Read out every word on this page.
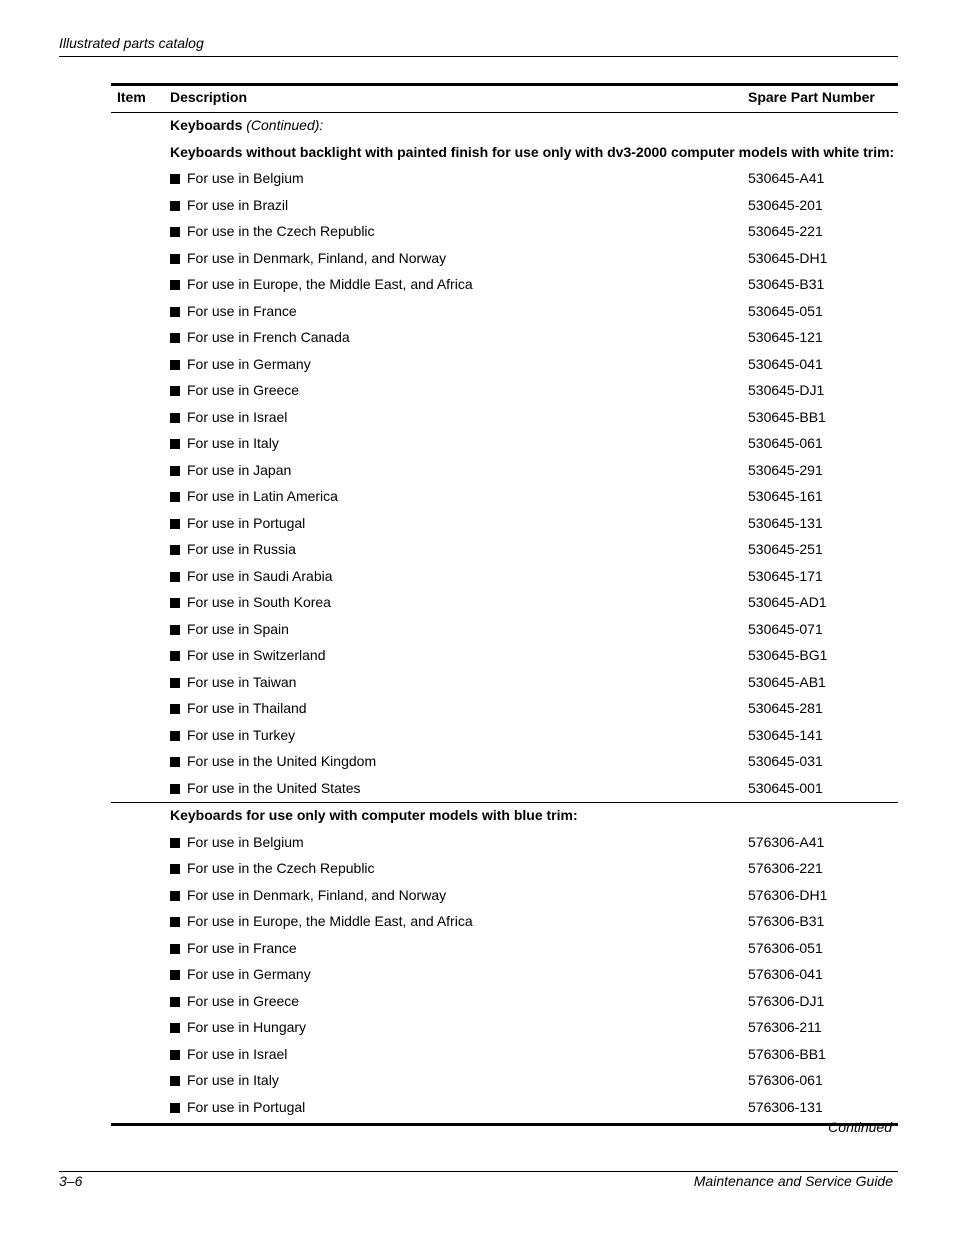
Illustrated parts catalog
Item Description	Spare Part Number
Keyboards (Continued):
Keyboards without backlight with painted finish for use only with dv3-2000 computer models with white trim:
For use in Belgium	530645-A41
For use in Brazil	530645-201
For use in the Czech Republic	530645-221
For use in Denmark, Finland, and Norway	530645-DH1
For use in Europe, the Middle East, and Africa	530645-B31
For use in France	530645-051
For use in French Canada	530645-121
For use in Germany	530645-041
For use in Greece	530645-DJ1
For use in Israel	530645-BB1
For use in Italy	530645-061
For use in Japan	530645-291
For use in Latin America	530645-161
For use in Portugal	530645-131
For use in Russia	530645-251
For use in Saudi Arabia	530645-171
For use in South Korea	530645-AD1
For use in Spain	530645-071
For use in Switzerland	530645-BG1
For use in Taiwan	530645-AB1
For use in Thailand	530645-281
For use in Turkey	530645-141
For use in the United Kingdom	530645-031
For use in the United States	530645-001
Keyboards for use only with computer models with blue trim:
For use in Belgium	576306-A41
For use in the Czech Republic	576306-221
For use in Denmark, Finland, and Norway	576306-DH1
For use in Europe, the Middle East, and Africa	576306-B31
For use in France	576306-051
For use in Germany	576306-041
For use in Greece	576306-DJ1
For use in Hungary	576306-211
For use in Israel	576306-BB1
For use in Italy	576306-061
For use in Portugal	576306-131
Continued
3–6	Maintenance and Service Guide
